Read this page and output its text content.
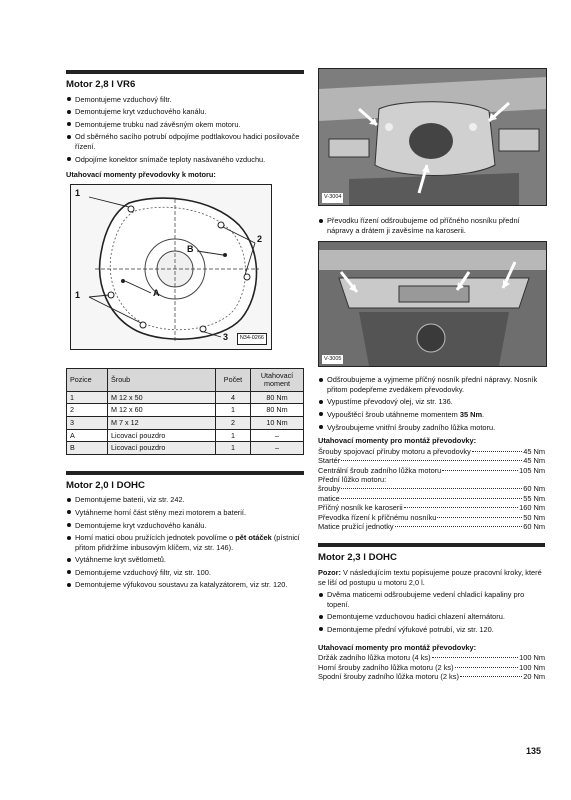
Motor 2,8 l VR6
Demontujeme vzduchový filtr.
Demontujeme kryt vzduchového kanálu.
Demontujeme trubku nad závěsným okem motoru.
Od sběrného sacího potrubí odpojíme podtlakovou hadici posilovače řízení.
Odpojíme konektor snímače teploty nasávaného vzduchu.
Utahovací momenty převodovky k motoru:
1
1
2
3
A
B
N34-0266
Pozice	Šroub	Počet	Utahovací moment
1	M 12 x 50	4	80 Nm
2	M 12 x 60	1	80 Nm
3	M 7 x 12	2	10 Nm
A	Licovací pouzdro	1	–
B	Licovací pouzdro	1	–
Motor 2,0 l DOHC
Demontujeme baterii, viz str. 242.
Vytáhneme horní část stěny mezi motorem a baterií.
Demontujeme kryt vzduchového kanálu.
Horní matici obou pružících jednotek povolíme o pět otáček (pístnicí přitom přidržíme inbusovým klíčem, viz str. 146).
Vytáhneme kryt světlometů.
Demontujeme vzduchový filtr, viz str. 100.
Demontujeme výfukovou soustavu za katalyzátorem, viz str. 120.
V-3004
Převodku řízení odšroubujeme od příčného nosníku přední nápravy a drátem ji zavěsíme na karoserii.
V-3005
Odšroubujeme a vyjmeme příčný nosník přední nápravy. Nosník přitom podepřeme zvedákem převodovky.
Vypustíme převodový olej, viz str. 136.
Vypouštěcí šroub utáhneme momentem 35 Nm.
Vyšroubujeme vnitřní šrouby zadního lůžka motoru.
Utahovací momenty pro montáž převodovky:
Šrouby spojovací příruby motoru a převodovky	45 Nm
Startér	45 Nm
Centrální šroub zadního lůžka motoru	105 Nm
Přední lůžko motoru:
šrouby	60 Nm
matice	55 Nm
Příčný nosník ke karoserii	160 Nm
Převodka řízení k příčnému nosníku	50 Nm
Matice pružící jednotky	60 Nm
Motor 2,3 l DOHC

Pozor: V následujícím textu popisujeme pouze pracovní kroky, které se liší od postupu u motoru 2,0 l.

Dvěma maticemi odšroubujeme vedení chladicí kapaliny pro topení.
Demontujeme vzduchovou hadici chlazení alternátoru.
Demontujeme přední výfukové potrubí, viz str. 120.
Utahovací momenty pro montáž převodovky:
Držák zadního lůžka motoru (4 ks)	100 Nm
Horní šrouby zadního lůžka motoru (2 ks)	100 Nm
Spodní šrouby zadního lůžka motoru (2 ks)	20 Nm
135
